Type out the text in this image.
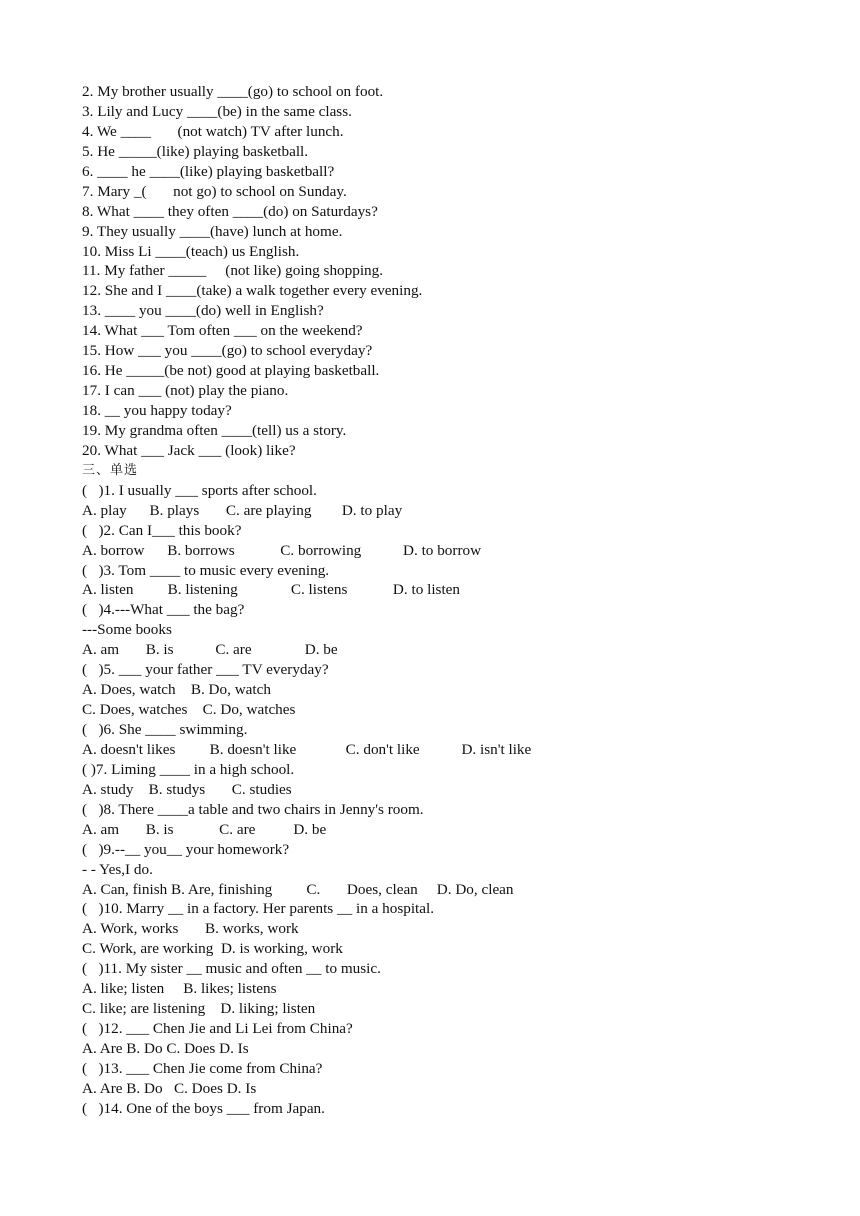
2. My brother usually ____(go) to school on foot.
3. Lily and Lucy ____(be) in the same class.
4. We ____       (not watch) TV after lunch.
5. He _____(like) playing basketball.
6. ____ he ____(like) playing basketball?
7. Mary _(       not go) to school on Sunday.
8. What ____ they often ____(do) on Saturdays?
9. They usually ____(have) lunch at home.
10. Miss Li ____(teach) us English.
11. My father _____     (not like) going shopping.
12. She and I ____(take) a walk together every evening.
13. ____ you ____(do) well in English?
14. What ___ Tom often ___ on the weekend?
15. How ___ you ____(go) to school everyday?
16. He _____(be not) good at playing basketball.
17. I can ___ (not) play the piano.
18. __ you happy today?
19. My grandma often ____(tell) us a story.
20. What ___ Jack ___ (look) like?
三、单选
(   )1. I usually ___ sports after school.
A. play      B. plays       C. are playing        D. to play
(   )2. Can I___ this book?
A. borrow      B. borrows            C. borrowing           D. to borrow
(   )3. Tom ____ to music every evening.
A. listen         B. listening              C. listens            D. to listen
(   )4.---What ___ the bag?
---Some books
A. am       B. is           C. are              D. be
(   )5. ___ your father ___ TV everyday?
A. Does, watch    B. Do, watch
C. Does, watches    C. Do, watches
(   )6. She ____ swimming.
A. doesn't likes         B. doesn't like             C. don't like           D. isn't like
( )7. Liming ____ in a high school.
A. study    B. studys       C. studies
(   )8. There ____a table and two chairs in Jenny's room.
A. am       B. is            C. are          D. be
(   )9.--__ you__ your homework?
- - Yes,I do.
A. Can, finish B. Are, finishing         C.       Does, clean     D. Do, clean
(   )10. Marry __ in a factory. Her parents __ in a hospital.
A. Work, works       B. works, work
C. Work, are working  D. is working, work
(   )11. My sister __ music and often __ to music.
A. like; listen     B. likes; listens
C. like; are listening    D. liking; listen
(   )12. ___ Chen Jie and Li Lei from China?
A. Are B. Do C. Does D. Is
(   )13. ___ Chen Jie come from China?
A. Are B. Do   C. Does D. Is
(   )14. One of the boys ___ from Japan.
